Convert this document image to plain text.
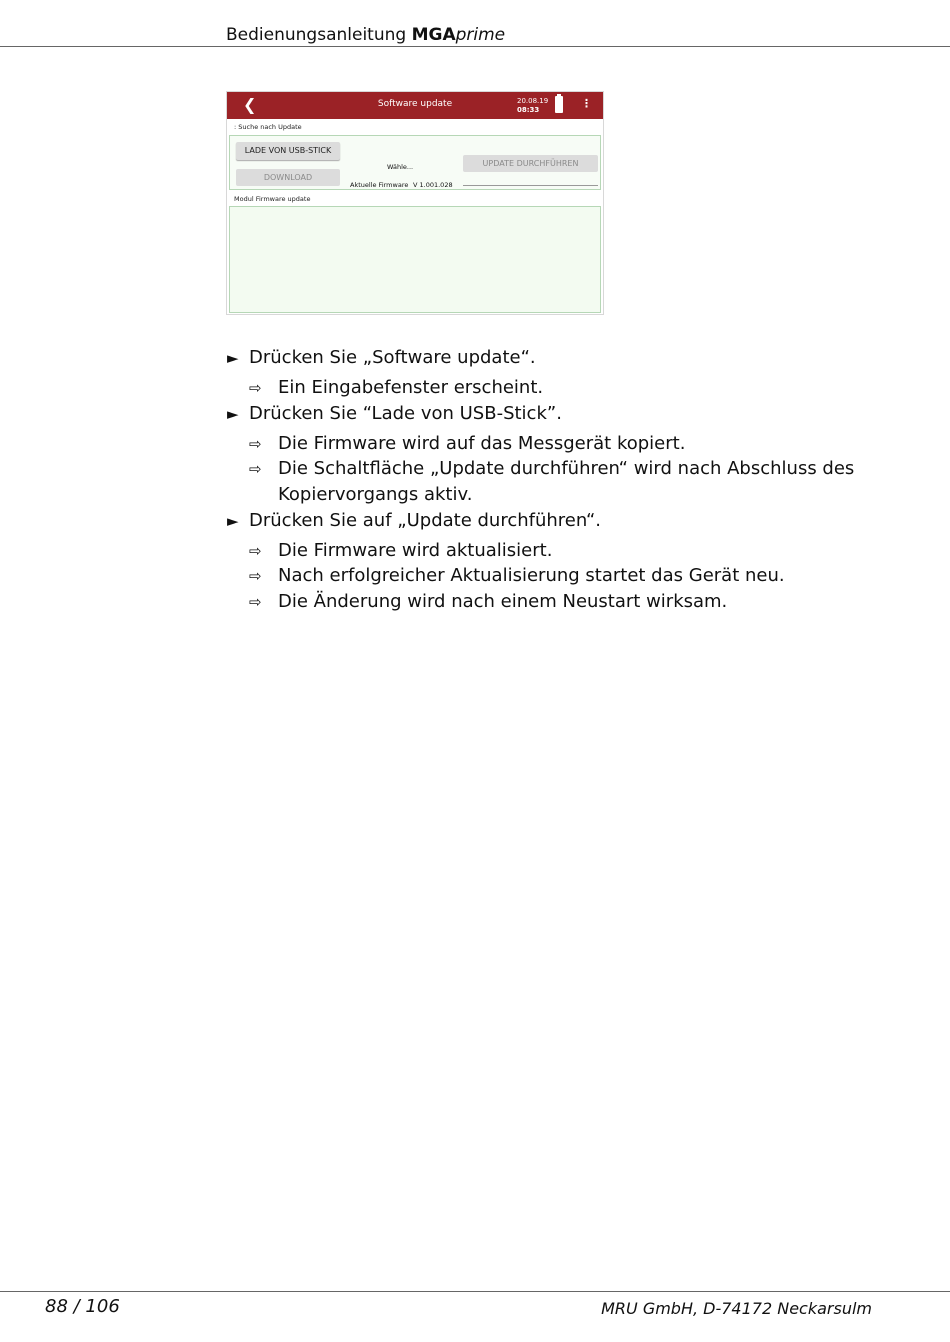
Bedienungsanleitung MGAprime
❮	Software update	20.08.19
08:33	⋮
: Suche nach Update
LADE VON USB-STICK
DOWNLOAD
Wähle...
Aktuelle Firmware V 1.001.028
UPDATE DURCHFÜHREN
Modul Firmware update
► Drücken Sie „Software update“.
⇨ Ein Eingabefenster erscheint.
► Drücken Sie “Lade von USB-Stick”.
⇨ Die Firmware wird auf das Messgerät kopiert.
⇨ Die Schaltfläche „Update durchführen“ wird nach Abschluss des
Kopiervorgangs aktiv.
► Drücken Sie auf „Update durchführen“.
⇨ Die Firmware wird aktualisiert.
⇨ Nach erfolgreicher Aktualisierung startet das Gerät neu.
⇨ Die Änderung wird nach einem Neustart wirksam.
88 / 106	MRU GmbH, D-74172 Neckarsulm
